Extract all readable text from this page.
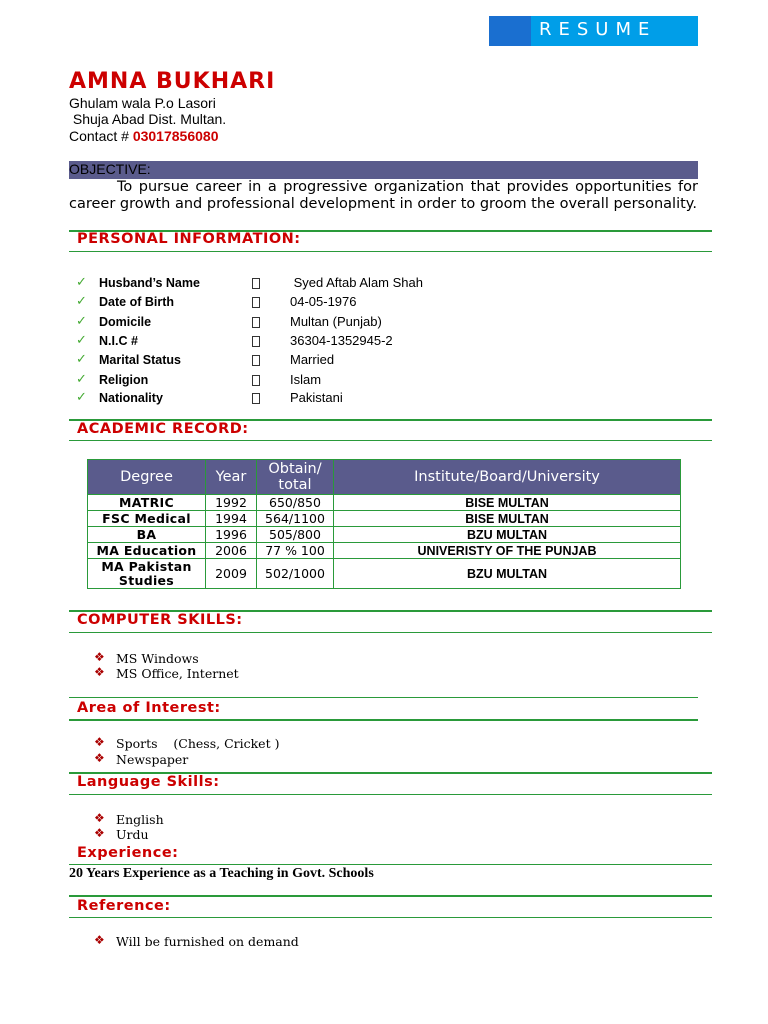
RESUME
AMNA BUKHARI
Ghulam wala P.o Lasori
Shuja Abad Dist. Multan.
Contact # 03017856080
OBJECTIVE:
To pursue career in a progressive organization that provides opportunities for career growth and professional development in order to groom the overall personality.
PERSONAL INFORMATION:
✓ Husband’s Name	Syed Aftab Alam Shah
✓ Date of Birth	04-05-1976
✓ Domicile	Multan (Punjab)
✓ N.I.C #	36304-1352945-2
✓ Marital Status	Married
✓ Religion	Islam
✓ Nationality	Pakistani
ACADEMIC RECORD:
Degree	Year	Obtain/ total	Institute/Board/University
MATRIC	1992	650/850	BISE MULTAN
FSC Medical	1994	564/1100	BISE MULTAN
BA	1996	505/800	BZU MULTAN
MA Education	2006	77 % 100	UNIVERISTY OF THE PUNJAB
MA Pakistan Studies	2009	502/1000	BZU MULTAN
COMPUTER SKILLS:
❖ MS Windows
❖ MS Office, Internet
Area of Interest:
❖ Sports    (Chess, Cricket )
❖ Newspaper
Language Skills:
❖ English
❖ Urdu
Experience:
20 Years Experience as a Teaching in Govt. Schools
Reference:
❖ Will be furnished on demand
